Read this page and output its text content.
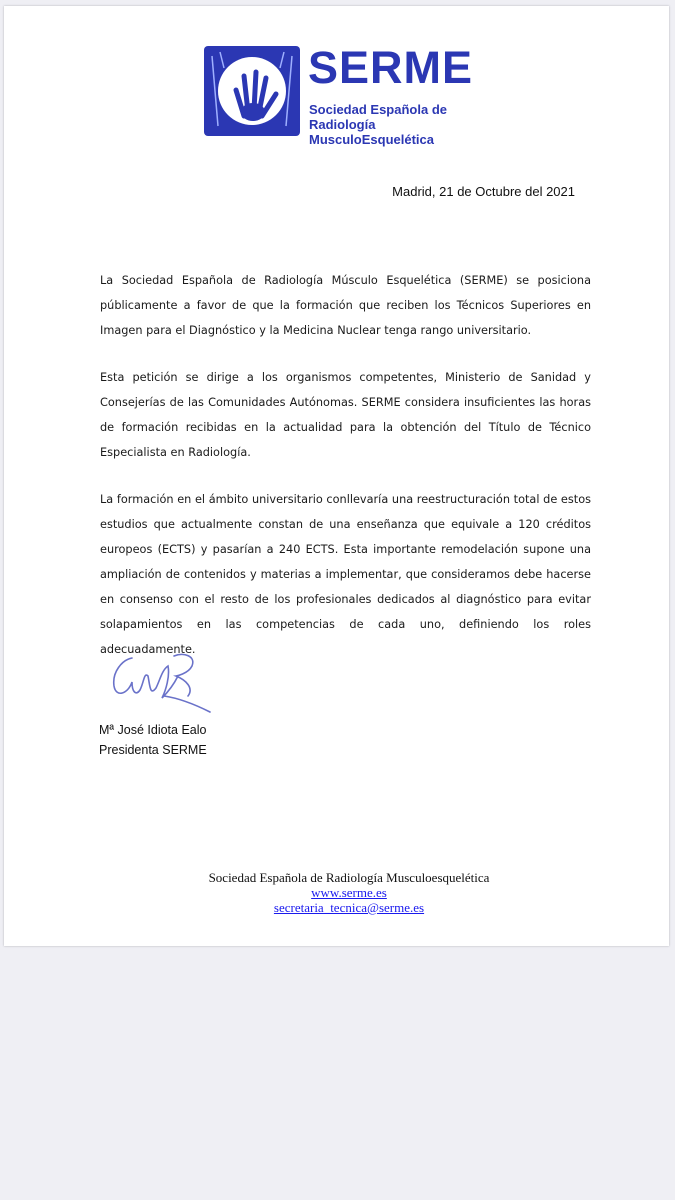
SERME
Sociedad Española de
Radiología MusculoEsquelética
Madrid, 21 de Octubre del 2021

La Sociedad Española de Radiología Músculo Esquelética (SERME) se posiciona públicamente a favor de que la formación que reciben los Técnicos Superiores en Imagen para el Diagnóstico y la Medicina Nuclear tenga rango universitario.

Esta petición se dirige a los organismos competentes, Ministerio de Sanidad y Consejerías de las Comunidades Autónomas. SERME considera insuficientes las horas de formación recibidas en la actualidad para la obtención del Título de Técnico Especialista en Radiología.

La formación en el ámbito universitario conllevaría una reestructuración total de estos estudios que actualmente constan de una enseñanza que equivale a 120 créditos europeos (ECTS) y pasarían a 240 ECTS. Esta importante remodelación supone una ampliación de contenidos y materias a implementar, que consideramos debe hacerse en consenso con el resto de los profesionales dedicados al diagnóstico para evitar solapamientos en las competencias de cada uno, definiendo los roles adecuadamente.

Mª José Idiota Ealo
Presidenta SERME
Sociedad Española de Radiología Musculoesquelética
www.serme.es
secretaria_tecnica@serme.es
